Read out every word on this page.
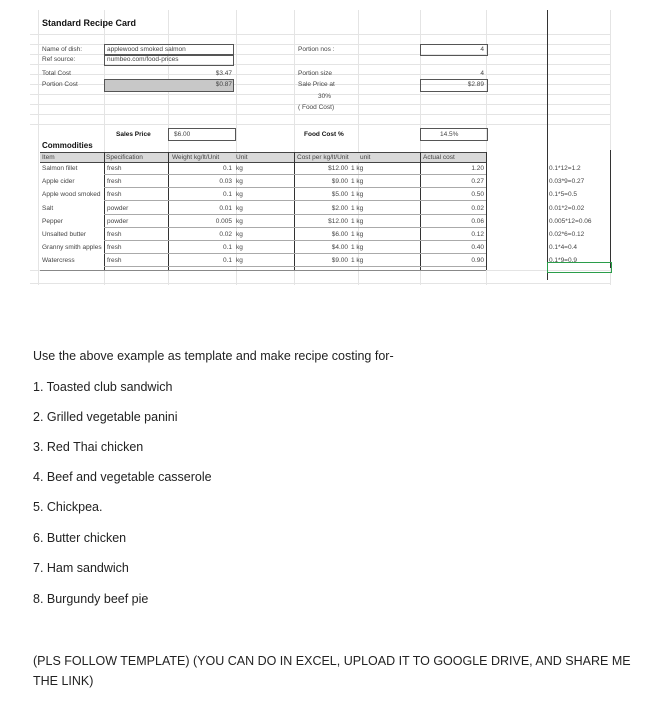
Standard Recipe Card
Name of dish:	applewood smoked salmon
Ref source:	numbeo.com/food-prices
Total Cost	$3.47
Portion Cost	$0.87
Portion nos :	4
Portion size	4
Sale Price at	$2.89
30%
( Food Cost)
Sales Price	$6.00	Food Cost %	14.5%
Commodities
Item	Specification	Weight kg/lt/Unit	Unit	Cost per kg/lt/Unit unit	Actual cost
Salmon fillet	fresh	0.1 kg	$12.00 1 kg	1.20	0.1*12=1.2
Apple cider	fresh	0.03 kg	$9.00 1 kg	0.27	0.03*9=0.27
Apple wood smoked fresh	0.1 kg	$5.00 1 kg	0.50	0.1*5=0.5
Salt	powder	0.01 kg	$2.00 1 kg	0.02	0.01*2=0.02
Pepper	powder	0.005 kg	$12.00 1 kg	0.06	0.005*12=0.06
Unsalted butter	fresh	0.02 kg	$6.00 1 kg	0.12	0.02*6=0.12
Granny smith apples fresh	0.1 kg	$4.00 1 kg	0.40	0.1*4=0.4
Watercress	fresh	0.1 kg	$9.00 1 kg	0.90	0.1*9=0.9
Use the above example as template and make recipe costing for-
1. Toasted club sandwich
2. Grilled vegetable panini
3. Red Thai chicken
4. Beef and vegetable casserole
5. Chickpea.
6. Butter chicken
7. Ham sandwich
8. Burgundy beef pie
(PLS FOLLOW TEMPLATE) (YOU CAN DO IN EXCEL, UPLOAD IT TO GOOGLE DRIVE, AND SHARE ME THE LINK)
